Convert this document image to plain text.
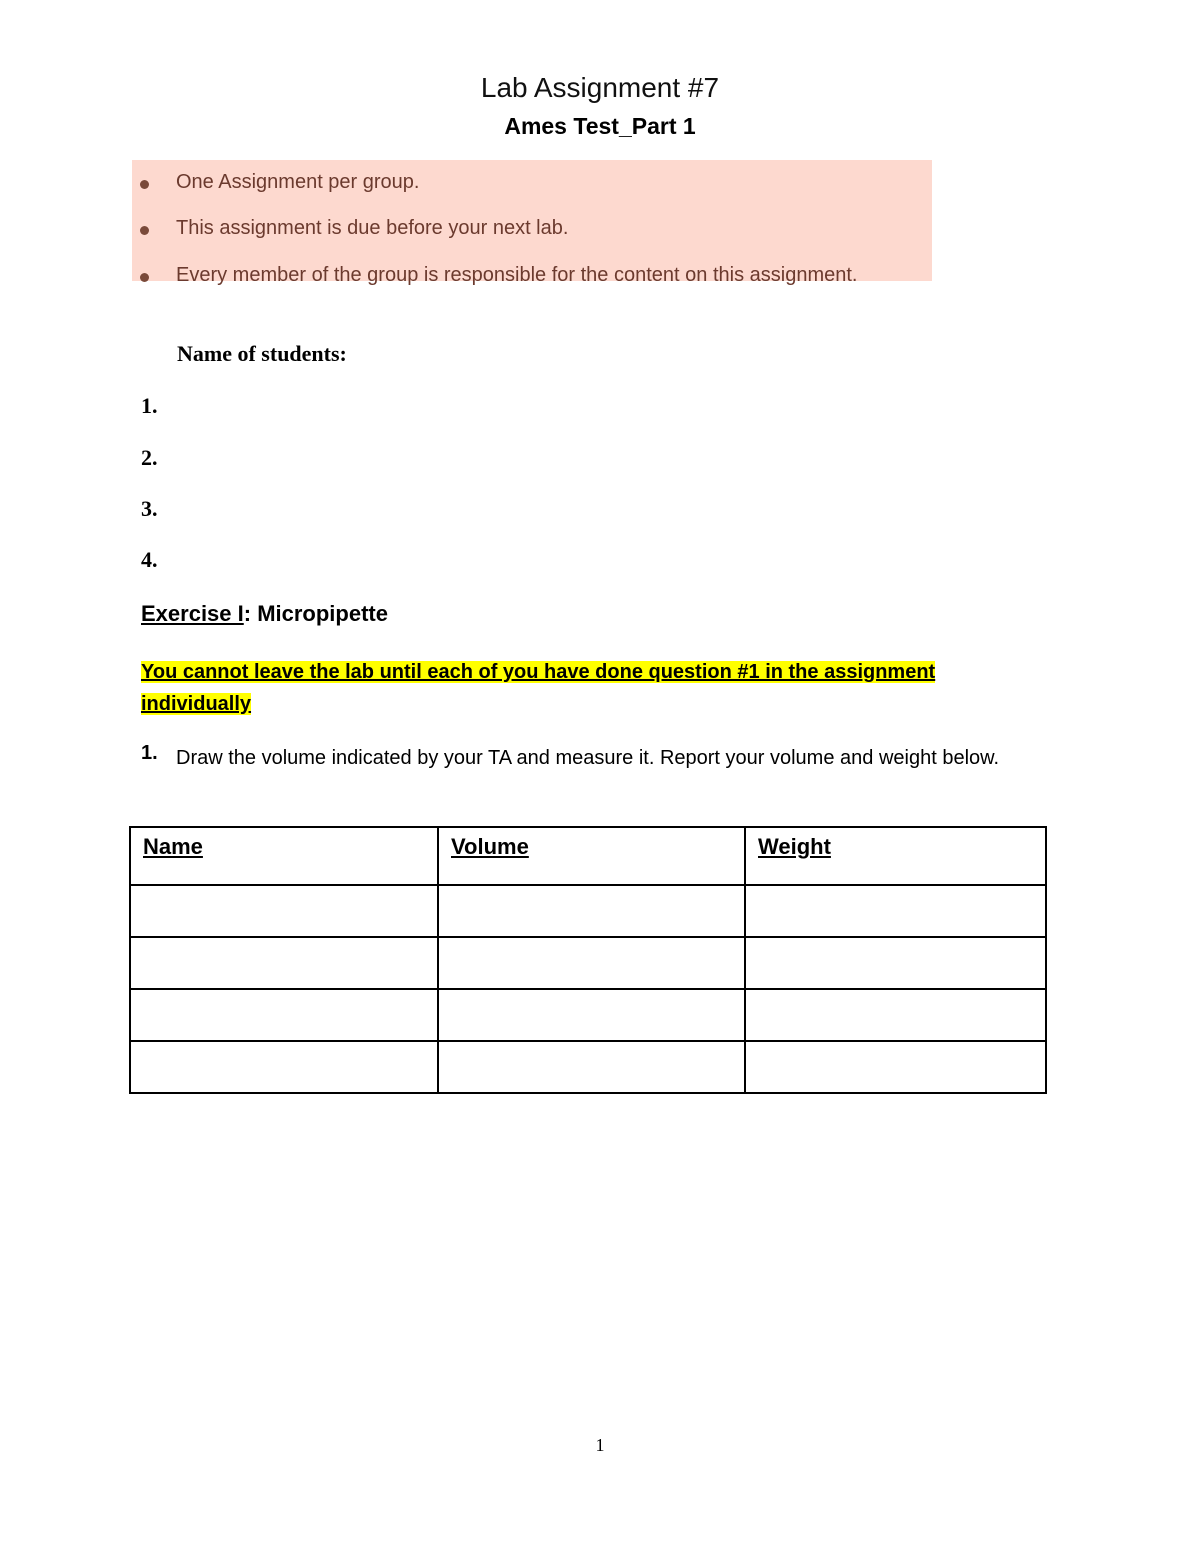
Lab Assignment #7
Ames Test_Part 1
One Assignment per group.
This assignment is due before your next lab.
Every member of the group is responsible for the content on this assignment.
Name of students:
1.
2.
3.
4.
Exercise I: Micropipette
You cannot leave the lab until each of you have done question #1 in the assignment individually
1. Draw the volume indicated by your TA and measure it. Report your volume and weight below.
Name	Volume	Weight

1
